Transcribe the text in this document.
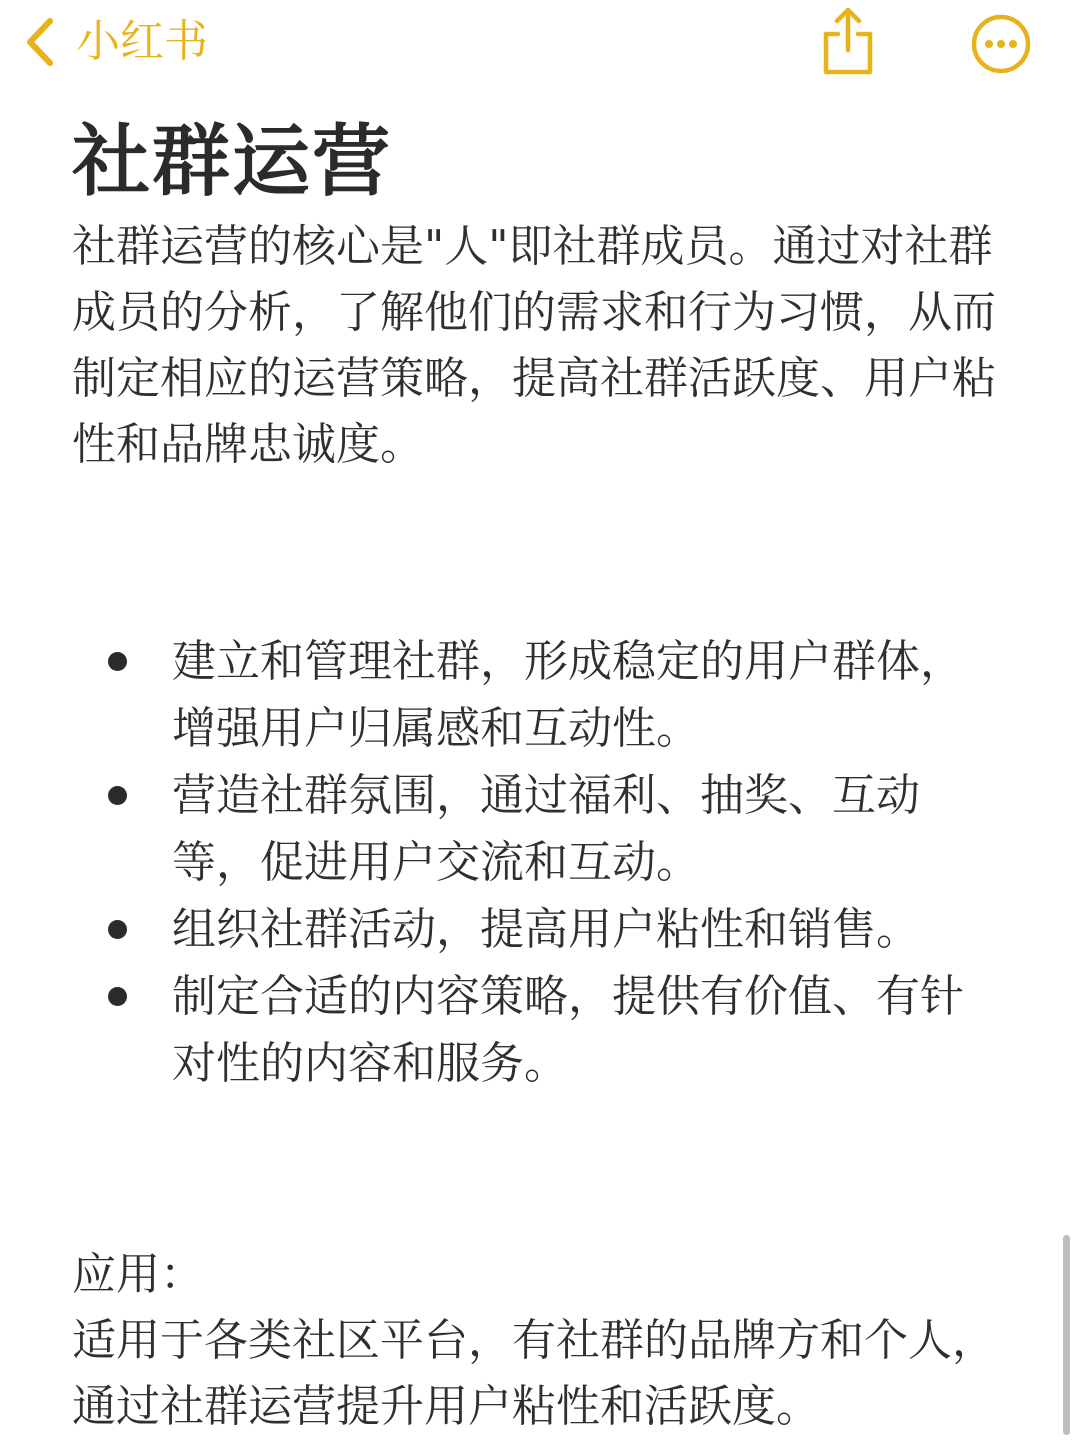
小红书
社群运营

社群运营的核心是"人"即社群成员。通过对社群成员的分析，了解他们的需求和行为习惯，从而制定相应的运营策略，提高社群活跃度、用户粘性和品牌忠诚度。

建立和管理社群，形成稳定的用户群体，增强用户归属感和互动性。
营造社群氛围，通过福利、抽奖、互动等，促进用户交流和互动。
组织社群活动，提高用户粘性和销售。
制定合适的内容策略，提供有价值、有针对性的内容和服务。

应用：

适用于各类社区平台，有社群的品牌方和个人，通过社群运营提升用户粘性和活跃度。
